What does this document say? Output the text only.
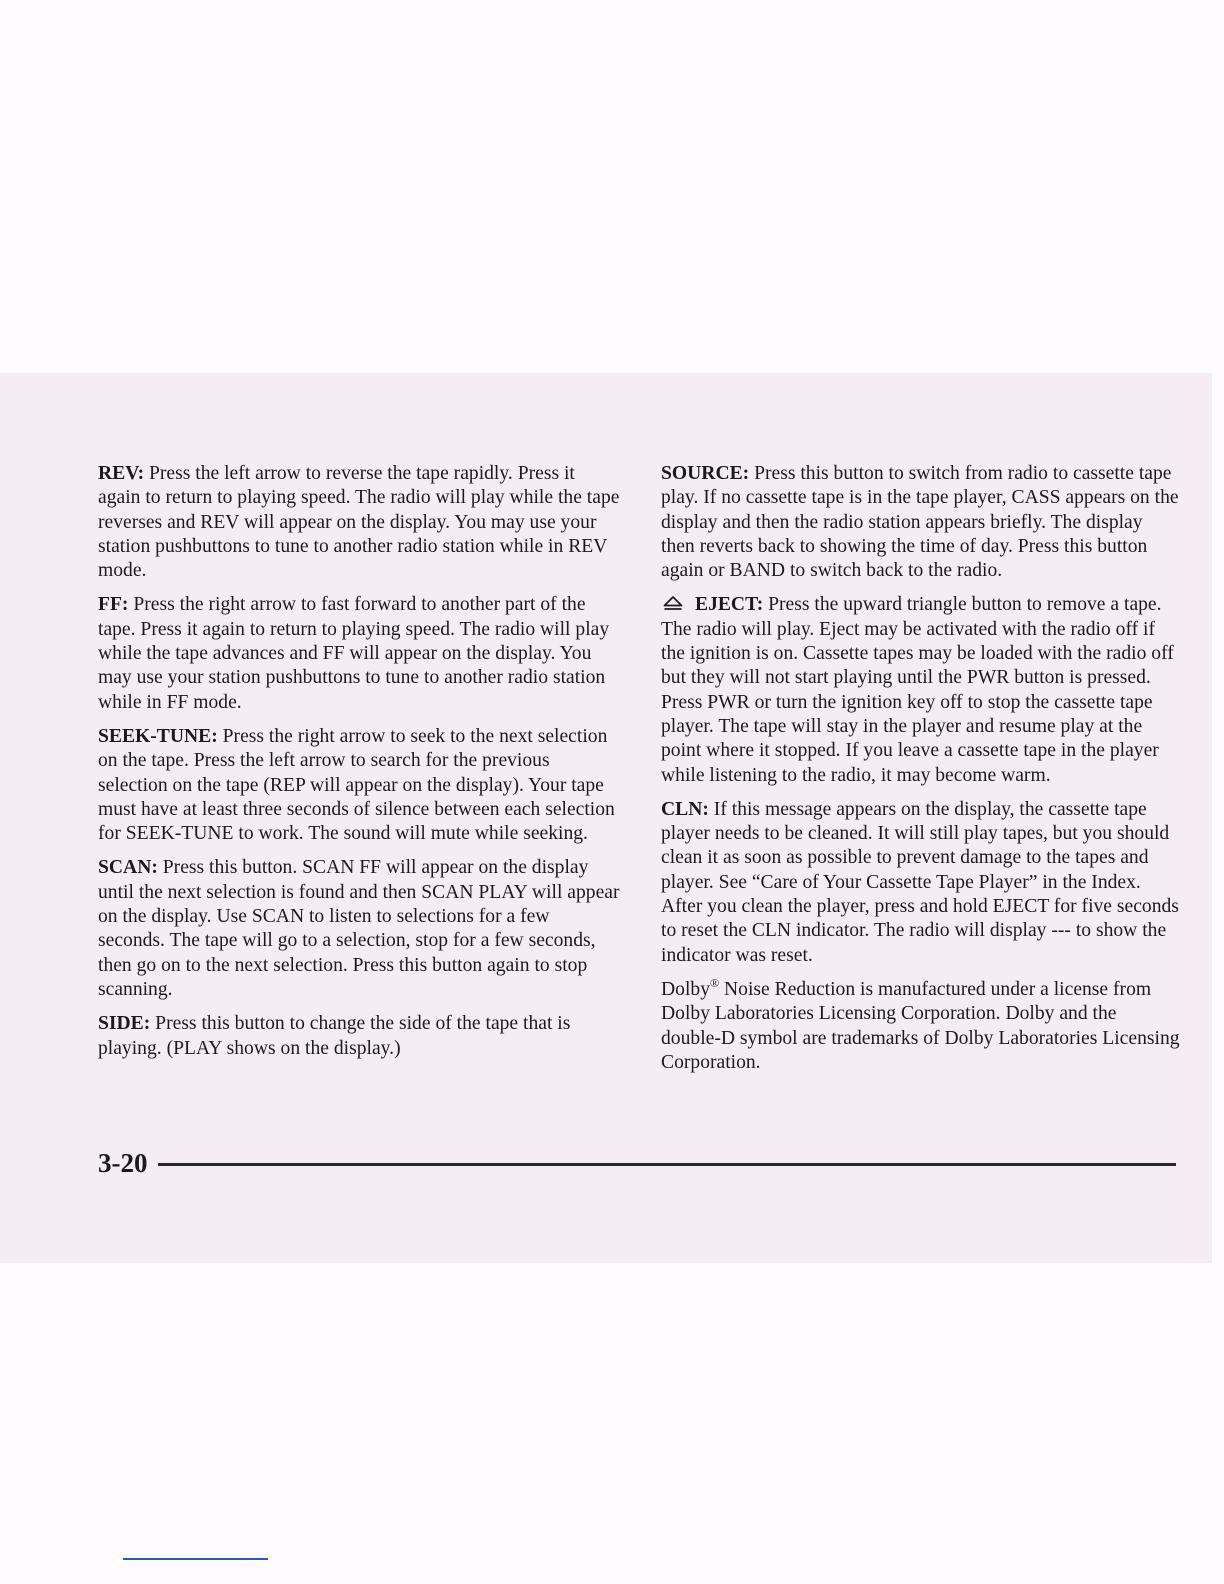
REV: Press the left arrow to reverse the tape rapidly. Press it again to return to playing speed. The radio will play while the tape reverses and REV will appear on the display. You may use your station pushbuttons to tune to another radio station while in REV mode.

FF: Press the right arrow to fast forward to another part of the tape. Press it again to return to playing speed. The radio will play while the tape advances and FF will appear on the display. You may use your station pushbuttons to tune to another radio station while in FF mode.

SEEK-TUNE: Press the right arrow to seek to the next selection on the tape. Press the left arrow to search for the previous selection on the tape (REP will appear on the display). Your tape must have at least three seconds of silence between each selection for SEEK-TUNE to work. The sound will mute while seeking.

SCAN: Press this button. SCAN FF will appear on the display until the next selection is found and then SCAN PLAY will appear on the display. Use SCAN to listen to selections for a few seconds. The tape will go to a selection, stop for a few seconds, then go on to the next selection. Press this button again to stop scanning.

SIDE: Press this button to change the side of the tape that is playing. (PLAY shows on the display.)

SOURCE: Press this button to switch from radio to cassette tape play. If no cassette tape is in the tape player, CASS appears on the display and then the radio station appears briefly. The display then reverts back to showing the time of day. Press this button again or BAND to switch back to the radio.

EJECT: Press the upward triangle button to remove a tape. The radio will play. Eject may be activated with the radio off if the ignition is on. Cassette tapes may be loaded with the radio off but they will not start playing until the PWR button is pressed. Press PWR or turn the ignition key off to stop the cassette tape player. The tape will stay in the player and resume play at the point where it stopped. If you leave a cassette tape in the player while listening to the radio, it may become warm.

CLN: If this message appears on the display, the cassette tape player needs to be cleaned. It will still play tapes, but you should clean it as soon as possible to prevent damage to the tapes and player. See “Care of Your Cassette Tape Player” in the Index. After you clean the player, press and hold EJECT for five seconds to reset the CLN indicator. The radio will display --- to show the indicator was reset.

Dolby® Noise Reduction is manufactured under a license from Dolby Laboratories Licensing Corporation. Dolby and the double-D symbol are trademarks of Dolby Laboratories Licensing Corporation.

3-20
